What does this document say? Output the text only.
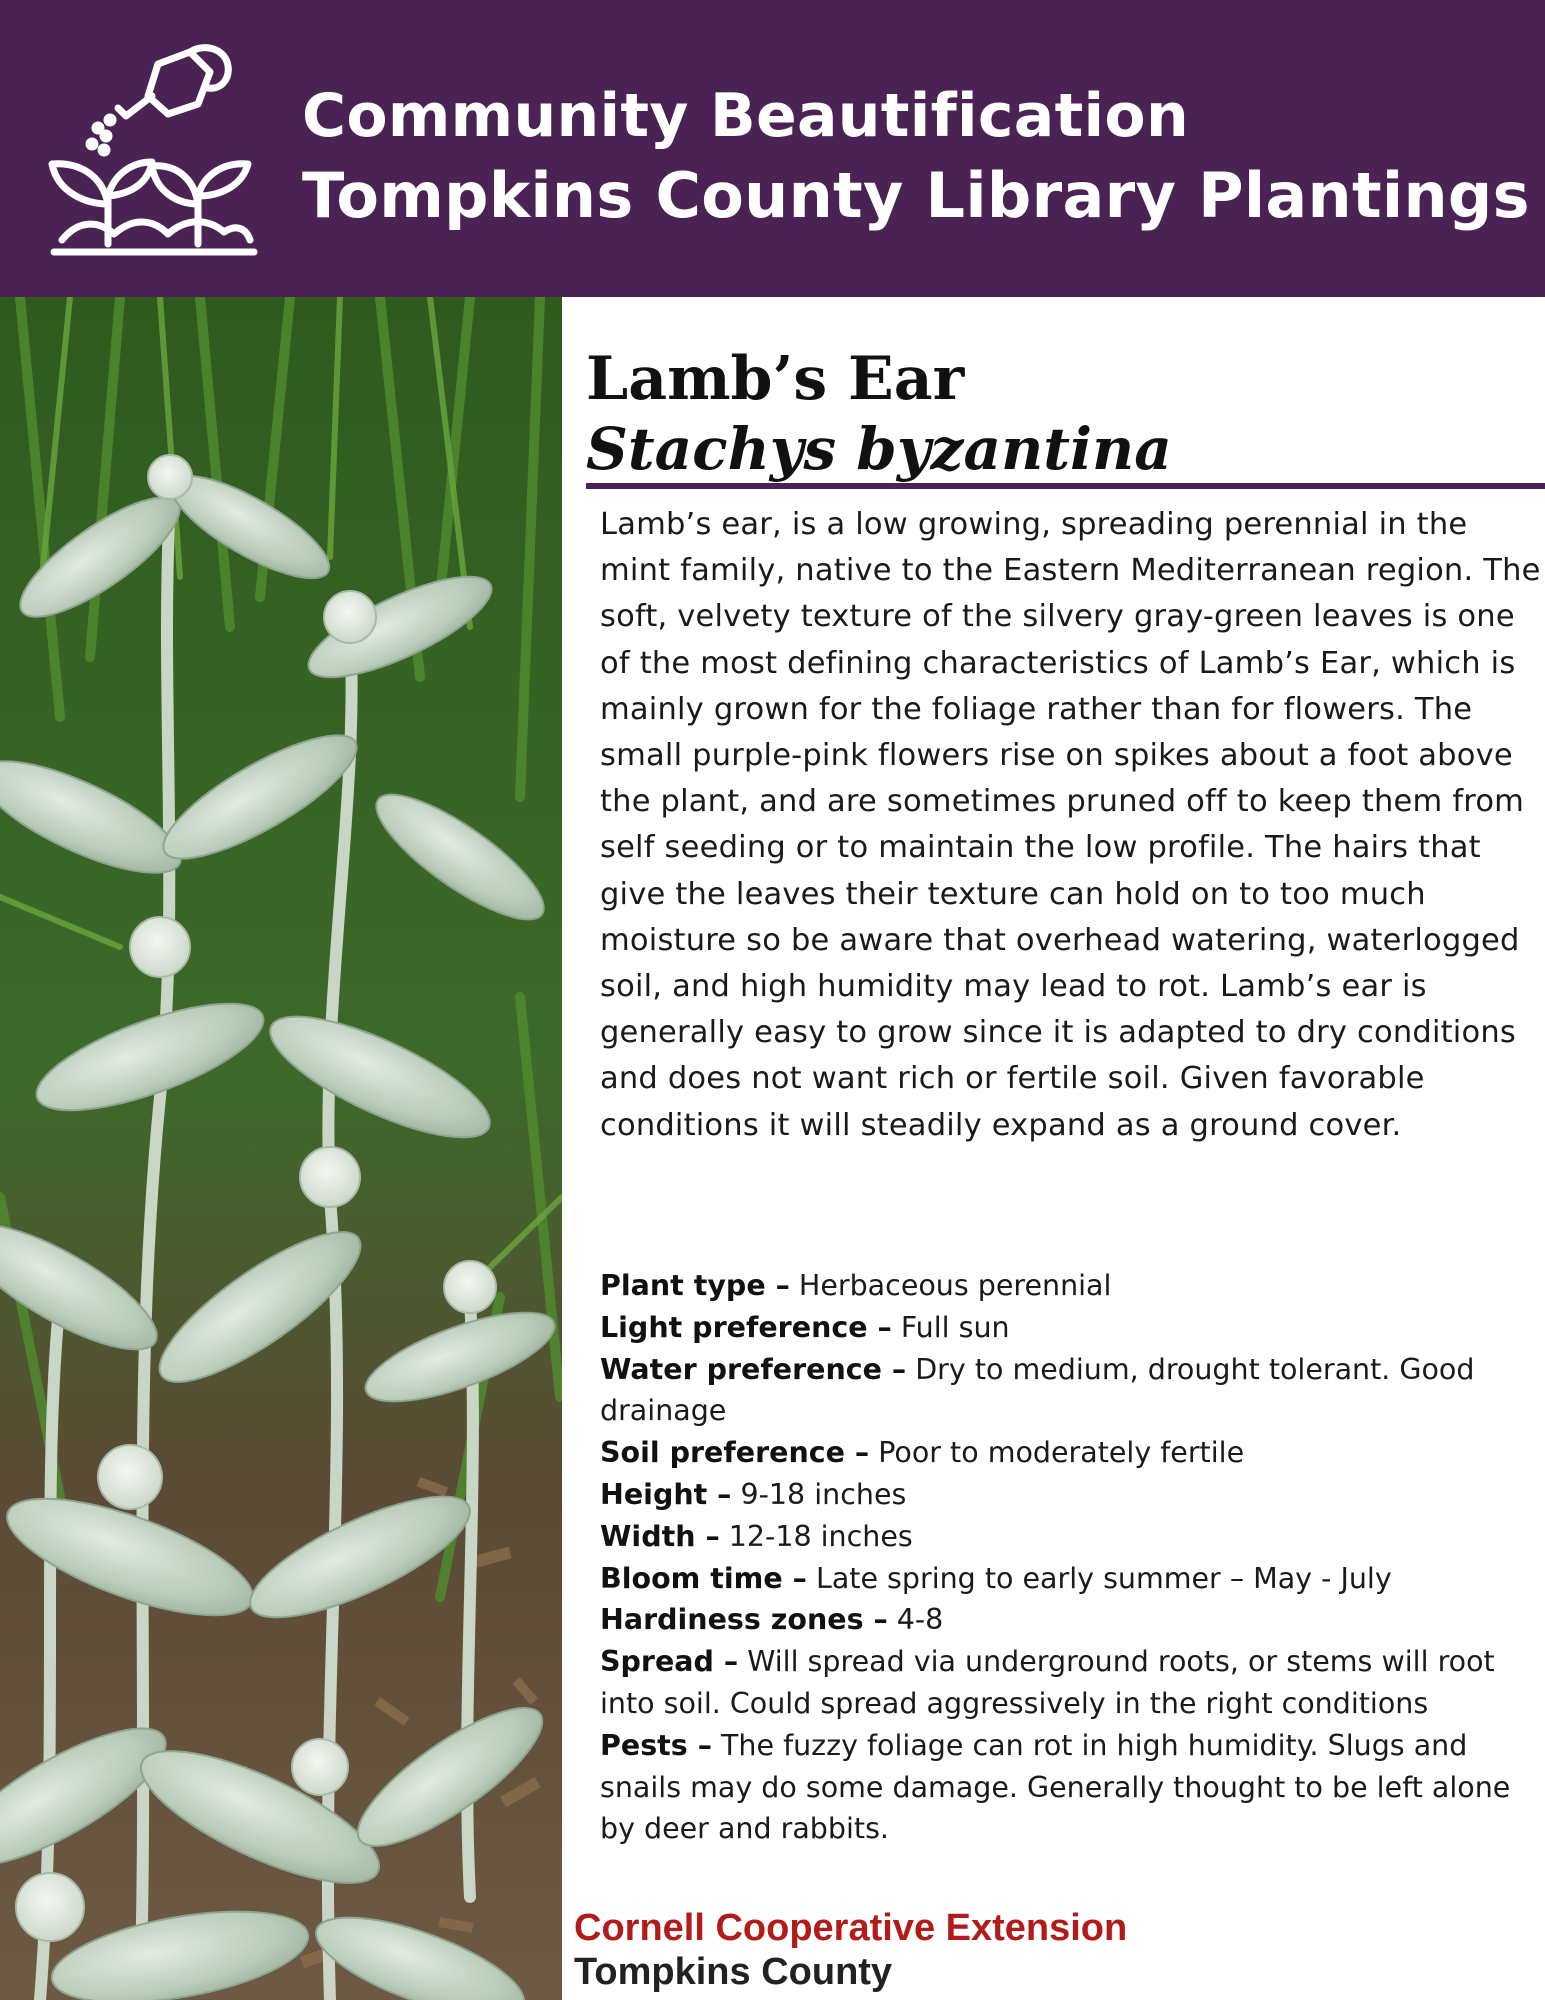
Community Beautification
Tompkins County Library Plantings
Lamb’s Ear
Stachys byzantina
Lamb’s ear, is a low growing, spreading perennial in the mint family, native to the Eastern Mediterranean region. The soft, velvety texture of the silvery gray-green leaves is one of the most defining characteristics of Lamb’s Ear, which is mainly grown for the foliage rather than for flowers. The small purple-pink flowers rise on spikes about a foot above the plant, and are sometimes pruned off to keep them from self seeding or to maintain the low profile. The hairs that give the leaves their texture can hold on to too much moisture so be aware that overhead watering, waterlogged soil, and high humidity may lead to rot. Lamb’s ear is generally easy to grow since it is adapted to dry conditions and does not want rich or fertile soil. Given favorable conditions it will steadily expand as a ground cover.

Plant type – Herbaceous perennial

Light preference – Full sun

Water preference – Dry to medium, drought tolerant. Good drainage

Soil preference – Poor to moderately fertile

Height – 9-18 inches

Width – 12-18 inches

Bloom time – Late spring to early summer – May - July

Hardiness zones – 4-8

Spread – Will spread via underground roots, or stems will root into soil. Could spread aggressively in the right conditions

Pests – The fuzzy foliage can rot in high humidity. Slugs and snails may do some damage. Generally thought to be left alone by deer and rabbits.

Cornell Cooperative Extension
Tompkins County
